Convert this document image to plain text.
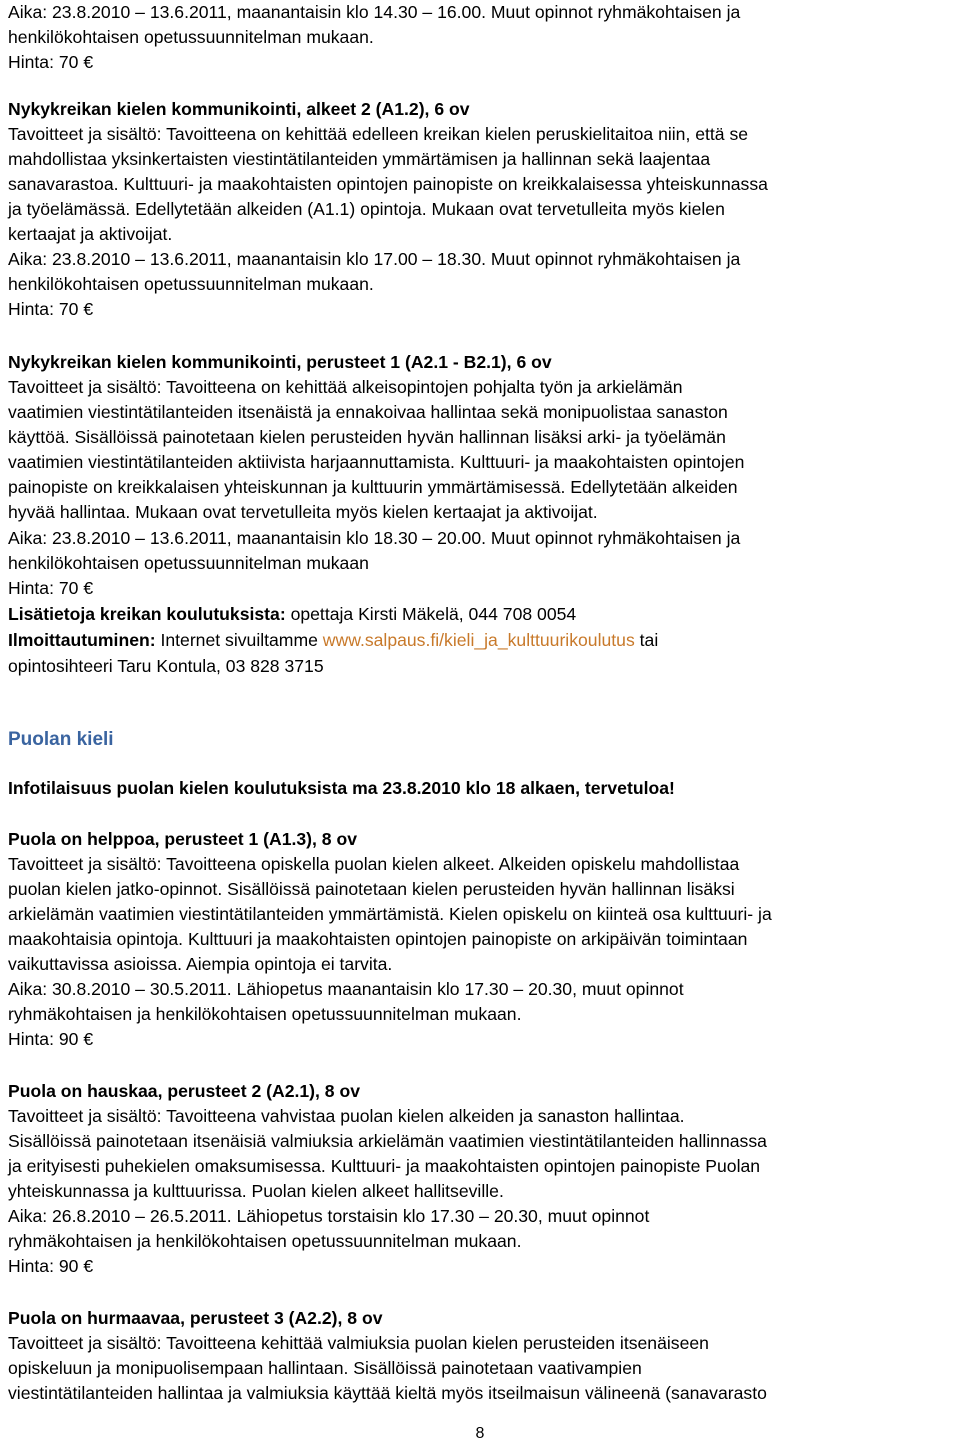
Aika: 23.8.2010 – 13.6.2011, maanantaisin klo 14.30 – 16.00. Muut opinnot ryhmäkohtaisen ja
henkilökohtaisen opetussuunnitelman mukaan.
Hinta: 70 €
Nykykreikan kielen kommunikointi, alkeet 2 (A1.2), 6 ov
Tavoitteet ja sisältö: Tavoitteena on kehittää edelleen kreikan kielen peruskielitaitoa niin, että se
mahdollistaa yksinkertaisten viestintätilanteiden ymmärtämisen ja hallinnan sekä laajentaa
sanavarastoa. Kulttuuri- ja maakohtaisten opintojen painopiste on kreikkalaisessa yhteiskunnassa
ja työelämässä. Edellytetään alkeiden (A1.1) opintoja. Mukaan ovat tervetulleita myös kielen
kertaajat ja aktivoijat.
Aika: 23.8.2010 – 13.6.2011, maanantaisin klo 17.00 – 18.30. Muut opinnot ryhmäkohtaisen ja
henkilökohtaisen opetussuunnitelman mukaan.
Hinta: 70 €
Nykykreikan kielen kommunikointi, perusteet 1 (A2.1 - B2.1), 6 ov
Tavoitteet ja sisältö: Tavoitteena on kehittää alkeisopintojen pohjalta työn ja arkielämän
vaatimien viestintätilanteiden itsenäistä ja ennakoivaa hallintaa sekä monipuolistaa sanaston
käyttöä. Sisällöissä painotetaan kielen perusteiden hyvän hallinnan lisäksi arki- ja työelämän
vaatimien viestintätilanteiden aktiivista harjaannuttamista. Kulttuuri- ja maakohtaisten opintojen
painopiste on kreikkalaisen yhteiskunnan ja kulttuurin ymmärtämisessä. Edellytetään alkeiden
hyvää hallintaa. Mukaan ovat tervetulleita myös kielen kertaajat ja aktivoijat.
Aika: 23.8.2010 – 13.6.2011, maanantaisin klo 18.30 – 20.00. Muut opinnot ryhmäkohtaisen ja
henkilökohtaisen opetussuunnitelman mukaan
Hinta: 70 €
Lisätietoja kreikan koulutuksista: opettaja Kirsti Mäkelä, 044 708 0054
Ilmoittautuminen: Internet sivuiltamme www.salpaus.fi/kieli_ja_kulttuurikoulutus tai
opintosihteeri Taru Kontula, 03 828 3715
Puolan kieli
Infotilaisuus puolan kielen koulutuksista ma 23.8.2010 klo 18 alkaen, tervetuloa!
Puola on helppoa, perusteet 1 (A1.3), 8 ov
Tavoitteet ja sisältö: Tavoitteena opiskella puolan kielen alkeet. Alkeiden opiskelu mahdollistaa
puolan kielen jatko-opinnot. Sisällöissä painotetaan kielen perusteiden hyvän hallinnan lisäksi
arkielämän vaatimien viestintätilanteiden ymmärtämistä. Kielen opiskelu on kiinteä osa kulttuuri- ja
maakohtaisia opintoja. Kulttuuri ja maakohtaisten opintojen painopiste on arkipäivän toimintaan
vaikuttavissa asioissa. Aiempia opintoja ei tarvita.
Aika: 30.8.2010 – 30.5.2011. Lähiopetus maanantaisin klo 17.30 – 20.30, muut opinnot
ryhmäkohtaisen ja henkilökohtaisen opetussuunnitelman mukaan.
Hinta: 90 €
Puola on hauskaa, perusteet 2 (A2.1), 8 ov
Tavoitteet ja sisältö: Tavoitteena vahvistaa puolan kielen alkeiden ja sanaston hallintaa.
Sisällöissä painotetaan itsenäisiä valmiuksia arkielämän vaatimien viestintätilanteiden hallinnassa
ja erityisesti puhekielen omaksumisessa. Kulttuuri- ja maakohtaisten opintojen painopiste Puolan
yhteiskunnassa ja kulttuurissa. Puolan kielen alkeet hallitseville.
Aika: 26.8.2010 – 26.5.2011. Lähiopetus torstaisin klo 17.30 – 20.30, muut opinnot
ryhmäkohtaisen ja henkilökohtaisen opetussuunnitelman mukaan.
Hinta: 90 €
Puola on hurmaavaa, perusteet 3 (A2.2), 8 ov
Tavoitteet ja sisältö: Tavoitteena kehittää valmiuksia puolan kielen perusteiden itsenäiseen
opiskeluun ja monipuolisempaan hallintaan. Sisällöissä painotetaan vaativampien
viestintätilanteiden hallintaa ja valmiuksia käyttää kieltä myös itseilmaisun välineenä (sanavarasto
8
